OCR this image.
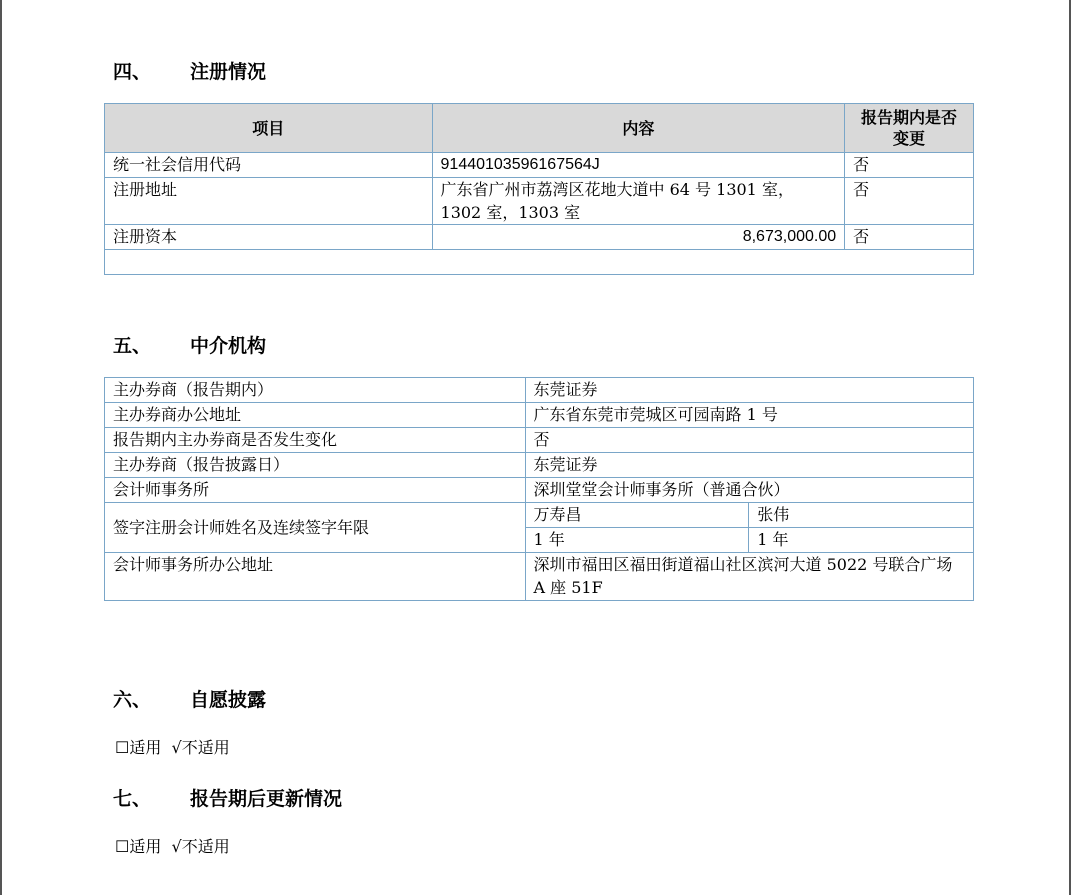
四、	注册情况
项目	内容	报告期内是否变更
统一社会信用代码	91440103596167564J	否
注册地址	广东省广州市荔湾区花地大道中 64 号 1301 室，1302 室，1303 室	否
注册资本	8,673,000.00	否

五、	中介机构
主办券商（报告期内）	东莞证券	
主办券商办公地址	广东省东莞市莞城区可园南路 1 号	
报告期内主办券商是否发生变化	否	
主办券商（报告披露日）	东莞证券	
会计师事务所	深圳堂堂会计师事务所（普通合伙）	
签字注册会计师姓名及连续签字年限	万寿昌	张伟
	1 年	1 年
会计师事务所办公地址	深圳市福田区福田街道福山社区滨河大道 5022 号联合广场 A 座 51F	
六、	自愿披露
☐适用  √不适用
七、	报告期后更新情况
☐适用  √不适用
